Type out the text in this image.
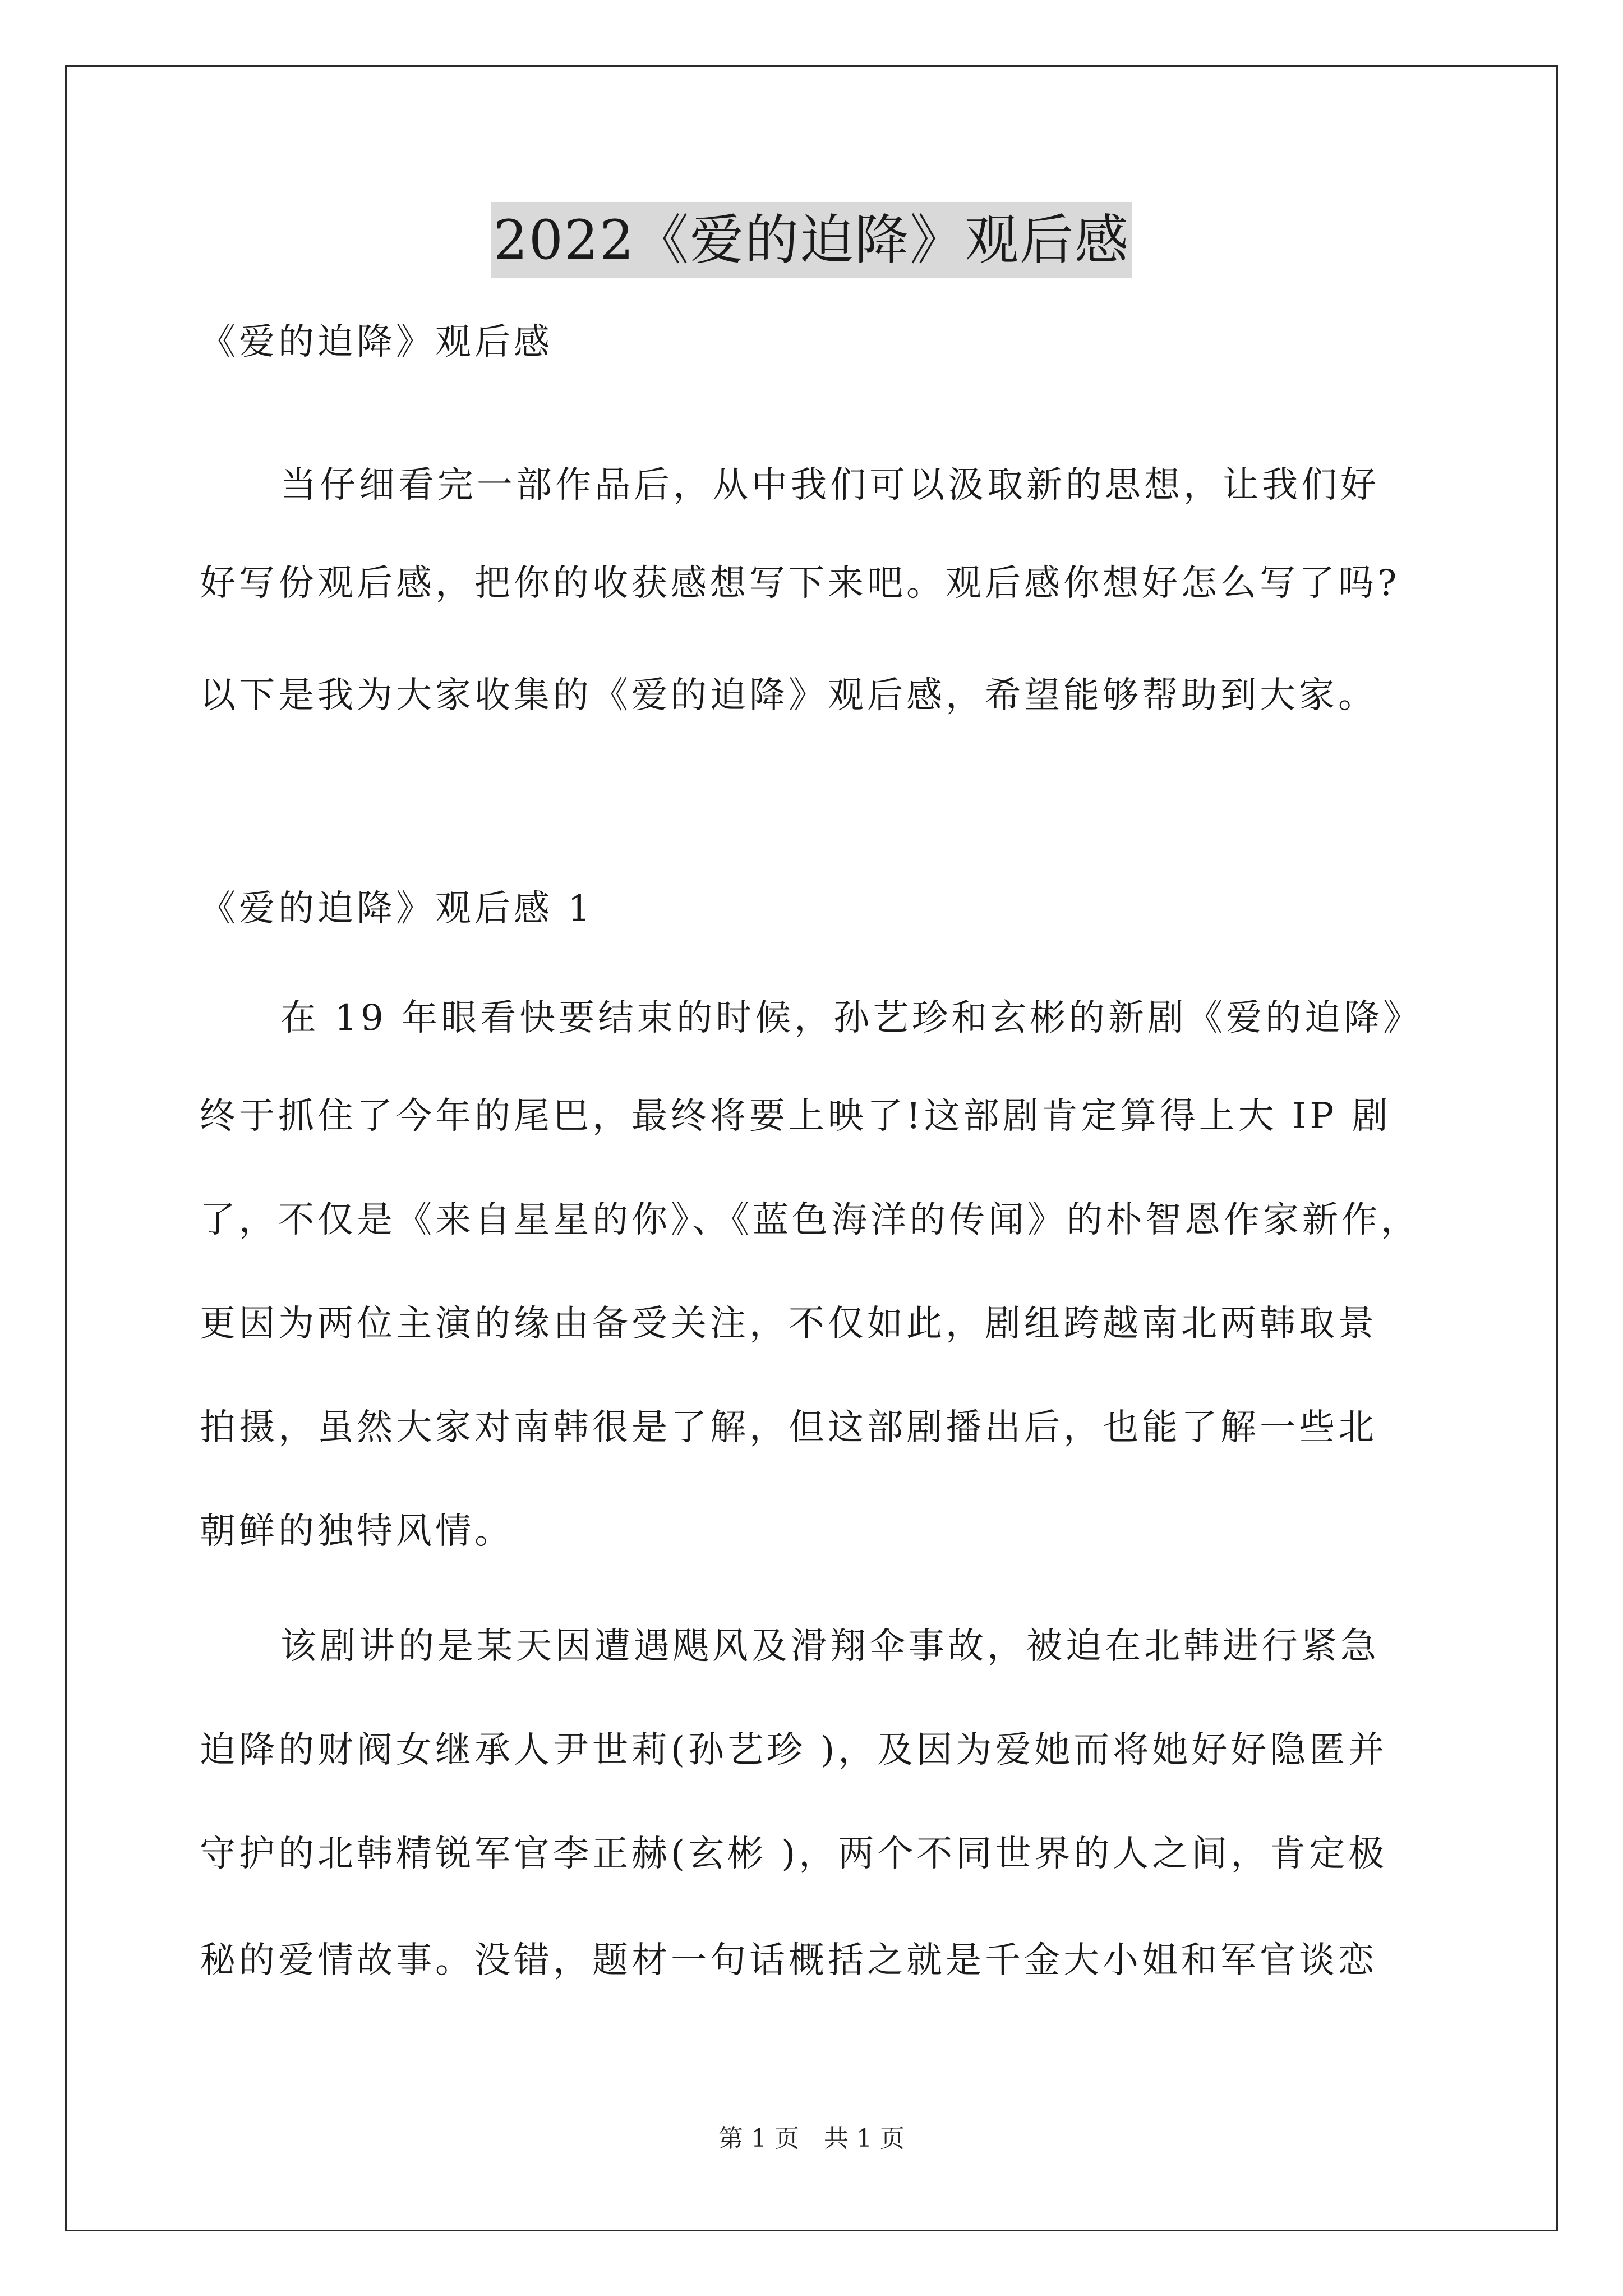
2022《爱的迫降》观后感
《爱的迫降》观后感
当仔细看完一部作品后，从中我们可以汲取新的思想，让我们好
好写份观后感，把你的收获感想写下来吧。观后感你想好怎么写了吗?
以下是我为大家收集的《爱的迫降》观后感，希望能够帮助到大家。
《爱的迫降》观后感 1
在 19 年眼看快要结束的时候，孙艺珍和玄彬的新剧《爱的迫降》
终于抓住了今年的尾巴，最终将要上映了!这部剧肯定算得上大 IP 剧
了，不仅是《来自星星的你》、《蓝色海洋的传闻》的朴智恩作家新作，
更因为两位主演的缘由备受关注，不仅如此，剧组跨越南北两韩取景
拍摄，虽然大家对南韩很是了解，但这部剧播出后，也能了解一些北
朝鲜的独特风情。
该剧讲的是某天因遭遇飓风及滑翔伞事故，被迫在北韩进行紧急
迫降的财阀女继承人尹世莉(孙艺珍 )，及因为爱她而将她好好隐匿并
守护的北韩精锐军官李正赫(玄彬 )，两个不同世界的人之间，肯定极
秘的爱情故事。没错，题材一句话概括之就是千金大小姐和军官谈恋
第 1 页　共 1 页
